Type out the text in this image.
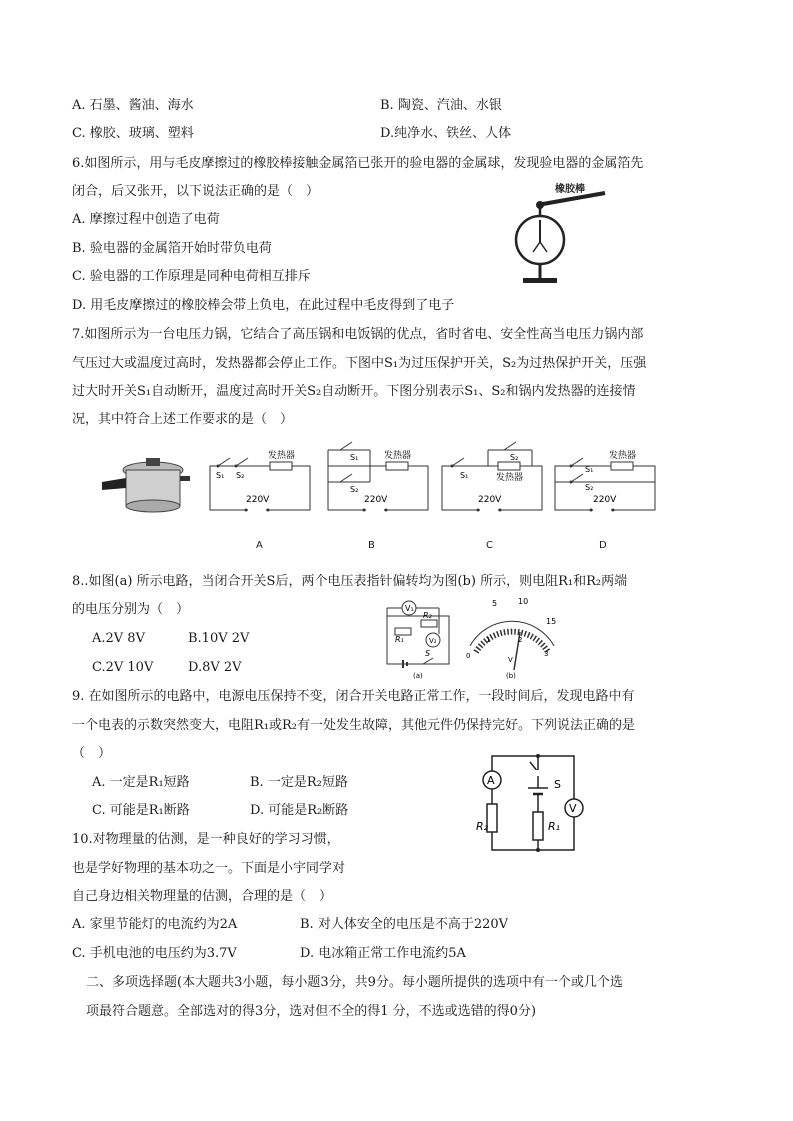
A. 石墨、酱油、海水	B. 陶瓷、汽油、水银
C. 橡胶、玻璃、塑料	D.纯净水、铁丝、人体
6.如图所示，用与毛皮摩擦过的橡胶棒接触金属箔已张开的验电器的金属球，发现验电器的金属箔先
闭合，后又张开，以下说法正确的是（　）
A. 摩擦过程中创造了电荷
B. 验电器的金属箔开始时带负电荷
C. 验电器的工作原理是同种电荷相互排斥
D. 用毛皮摩擦过的橡胶棒会带上负电，在此过程中毛皮得到了电子
橡胶棒
7.如图所示为一台电压力锅，它结合了高压锅和电饭锅的优点，省时省电、安全性高当电压力锅内部
气压过大或温度过高时，发热器都会停止工作。下图中S₁为过压保护开关，S₂为过热保护开关，压强
过大时开关S₁自动断开，温度过高时开关S₂自动断开。下图分别表示S₁、S₂和锅内发热器的连接情
况，其中符合上述工作要求的是（　）
发热器
S₁ S₂
220V
发热器
S₁
S₂
220V
发热器
S₁
S₂
220V
发热器
S₁
S₂
220V
A	B	C	D
8..如图(a) 所示电路，当闭合开关S后，两个电压表指针偏转均为图(b) 所示，则电阻R₁和R₂两端
的电压分别为（　）
A.2V 8V	B.10V 2V
C.2V 10V	D.8V 2V
V₁
V₂
R₁
R₂
S
(a)
5	10
15
0
1	2
3
V
(b)
9. 在如图所示的电路中，电源电压保持不变，闭合开关电路正常工作，一段时间后，发现电路中有
一个电表的示数突然变大，电阻R₁或R₂有一处发生故障，其他元件仍保持完好。下列说法正确的是
（　）
A. 一定是R₁短路	B. 一定是R₂短路
C. 可能是R₁断路	D. 可能是R₂断路
A
V
S
R₂	R₁
10.对物理量的估测，是一种良好的学习习惯，
也是学好物理的基本功之一。下面是小宇同学对
自己身边相关物理量的估测，合理的是（　）
A. 家里节能灯的电流约为2A	B. 对人体安全的电压是不高于220V
C. 手机电池的电压约为3.7V	D. 电冰箱正常工作电流约5A
二、多项选择题(本大题共3小题，每小题3分，共9分。每小题所提供的选项中有一个或几个选
项最符合题意。全部选对的得3分，选对但不全的得1 分，不选或选错的得0分)
